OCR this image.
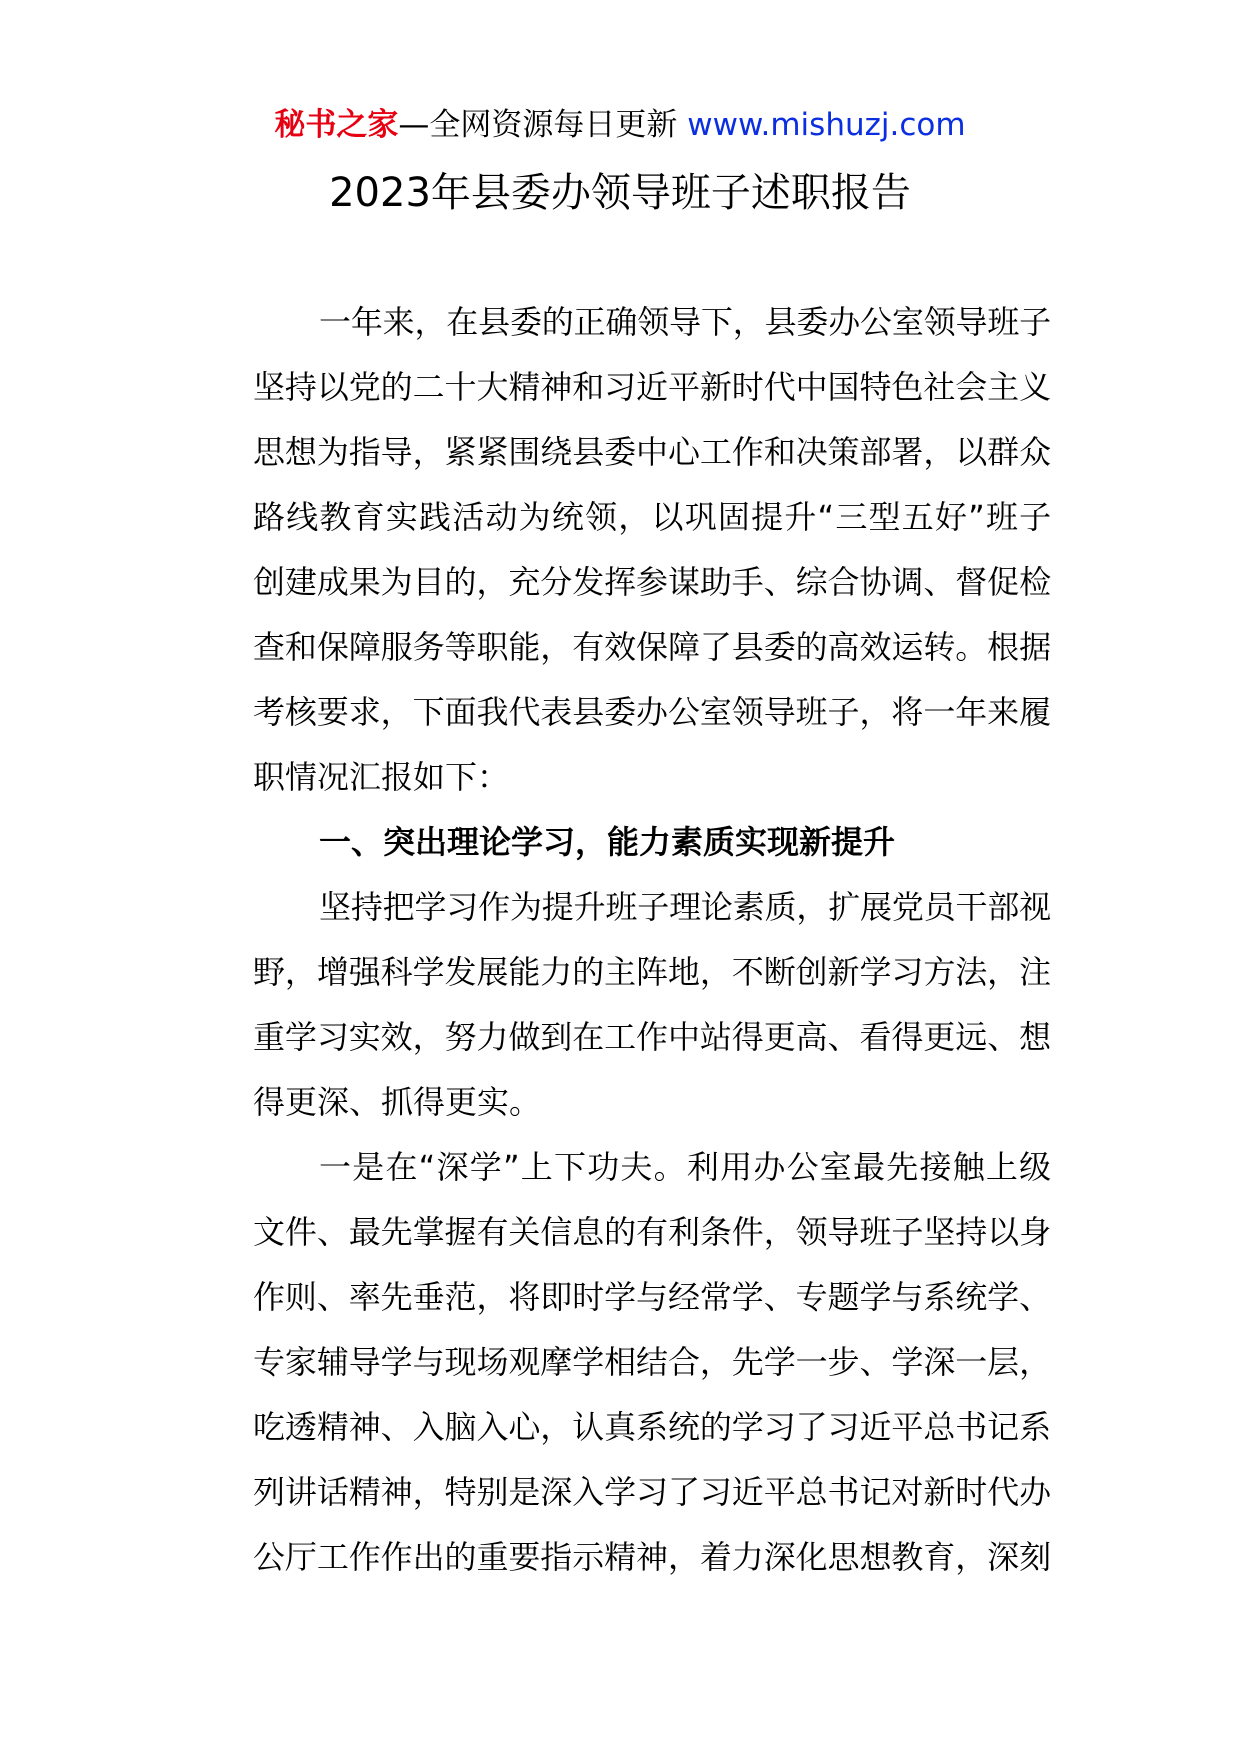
秘书之家—全网资源每日更新 www.mishuzj.com
2023年县委办领导班子述职报告
一年来，在县委的正确领导下，县委办公室领导班子
坚持以党的二十大精神和习近平新时代中国特色社会主义
思想为指导，紧紧围绕县委中心工作和决策部署，以群众
路线教育实践活动为统领，以巩固提升“三型五好”班子
创建成果为目的，充分发挥参谋助手、综合协调、督促检
查和保障服务等职能，有效保障了县委的高效运转。根据
考核要求，下面我代表县委办公室领导班子，将一年来履
职情况汇报如下：
一、突出理论学习，能力素质实现新提升
坚持把学习作为提升班子理论素质，扩展党员干部视
野，增强科学发展能力的主阵地，不断创新学习方法，注
重学习实效，努力做到在工作中站得更高、看得更远、想
得更深、抓得更实。
一是在“深学”上下功夫。利用办公室最先接触上级
文件、最先掌握有关信息的有利条件，领导班子坚持以身
作则、率先垂范，将即时学与经常学、专题学与系统学、
专家辅导学与现场观摩学相结合，先学一步、学深一层，
吃透精神、入脑入心，认真系统的学习了习近平总书记系
列讲话精神，特别是深入学习了习近平总书记对新时代办
公厅工作作出的重要指示精神，着力深化思想教育，深刻
